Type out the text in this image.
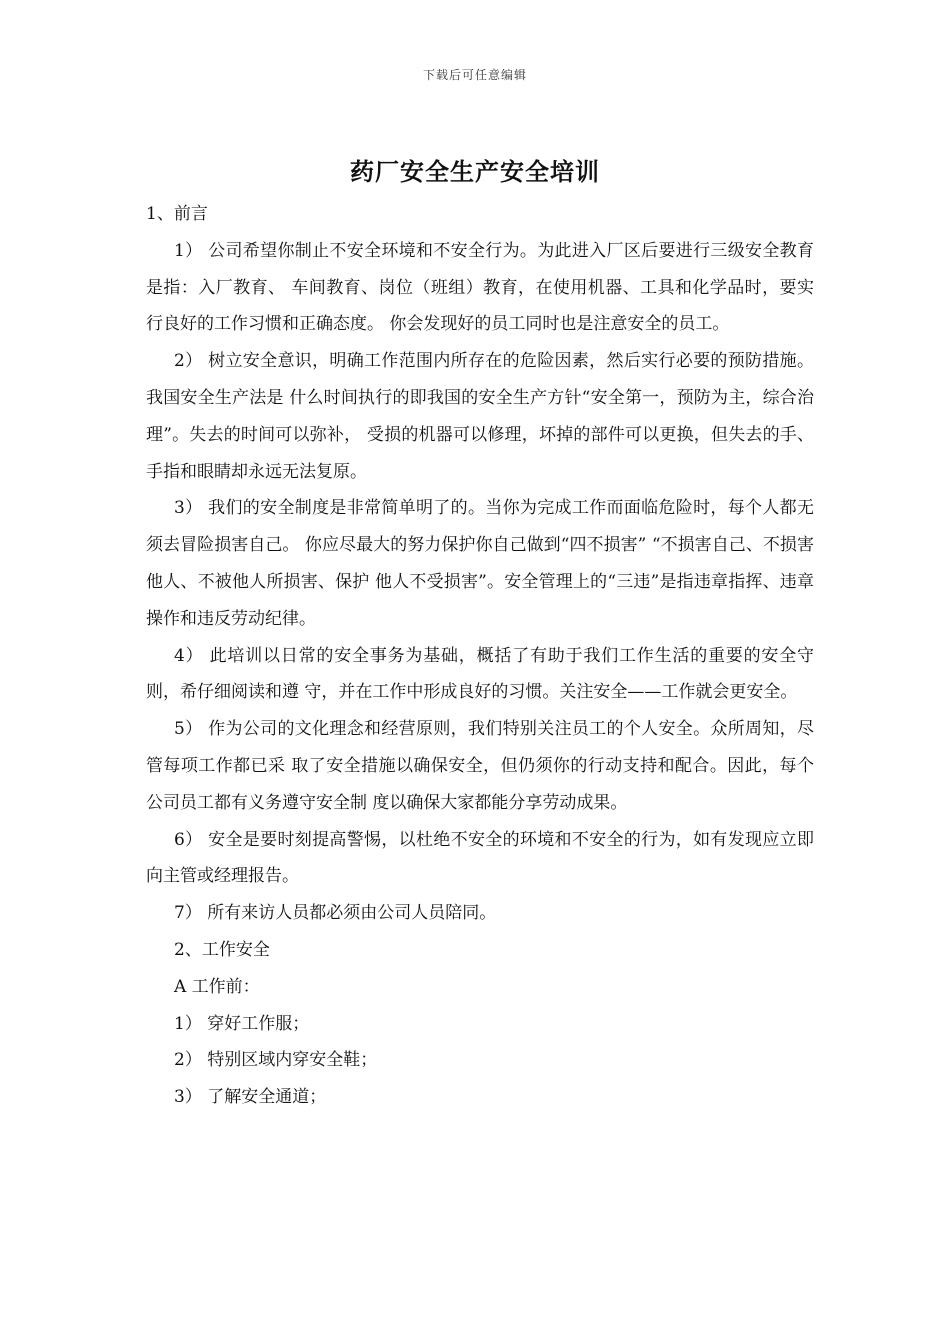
下载后可任意编辑
药厂安全生产安全培训

1、前言

1） 公司希望你制止不安全环境和不安全行为。为此进入厂区后要进行三级安全教育是指：入厂教育、 车间教育、岗位（班组）教育，在使用机器、工具和化学品时，要实行良好的工作习惯和正确态度。 你会发现好的员工同时也是注意安全的员工。

2） 树立安全意识，明确工作范围内所存在的危险因素，然后实行必要的预防措施。我国安全生产法是 什么时间执行的即我国的安全生产方针“安全第一，预防为主，综合治理”。失去的时间可以弥补， 受损的机器可以修理，坏掉的部件可以更换，但失去的手、手指和眼睛却永远无法复原。

3） 我们的安全制度是非常简单明了的。当你为完成工作而面临危险时，每个人都无须去冒险损害自己。 你应尽最大的努力保护你自己做到“四不损害” “不损害自己、不损害他人、不被他人所损害、保护 他人不受损害”。安全管理上的“三违”是指违章指挥、违章操作和违反劳动纪律。

4） 此培训以日常的安全事务为基础，概括了有助于我们工作生活的重要的安全守则，希仔细阅读和遵 守，并在工作中形成良好的习惯。关注安全——工作就会更安全。

5） 作为公司的文化理念和经营原则，我们特别关注员工的个人安全。众所周知，尽管每项工作都已采 取了安全措施以确保安全，但仍须你的行动支持和配合。因此，每个公司员工都有义务遵守安全制 度以确保大家都能分享劳动成果。

6） 安全是要时刻提高警惕，以杜绝不安全的环境和不安全的行为，如有发现应立即向主管或经理报告。

7） 所有来访人员都必须由公司人员陪同。

2、工作安全

A 工作前：

1） 穿好工作服；

2） 特别区域内穿安全鞋；

3） 了解安全通道；
